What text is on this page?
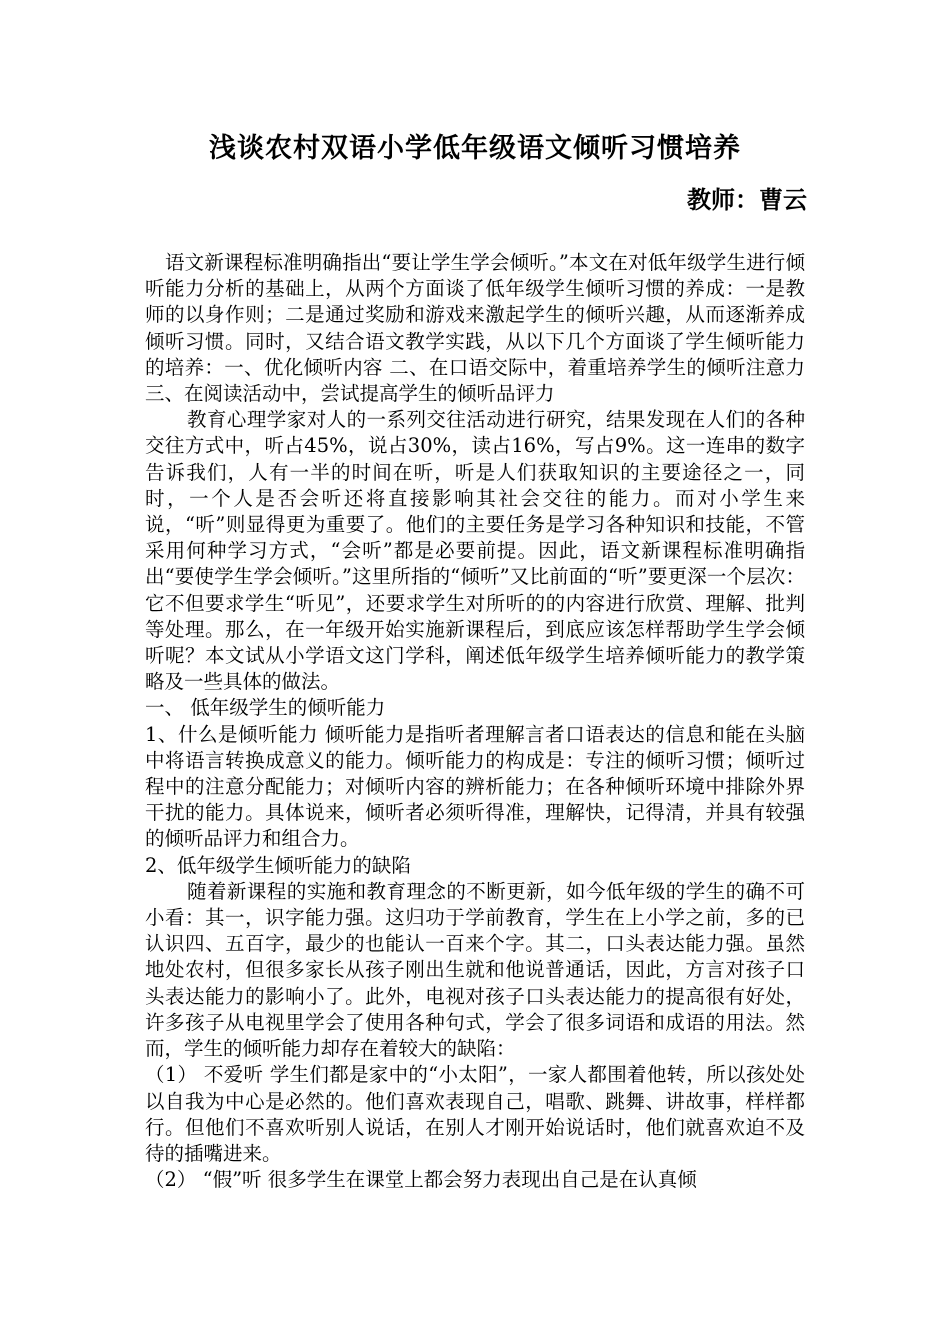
浅谈农村双语小学低年级语文倾听习惯培养

教师：曹云

语文新课程标准明确指出“要让学生学会倾听。”本文在对低年级学生进行倾听能力分析的基础上，从两个方面谈了低年级学生倾听习惯的养成：一是教师的以身作则；二是通过奖励和游戏来激起学生的倾听兴趣，从而逐渐养成倾听习惯。同时，又结合语文教学实践，从以下几个方面谈了学生倾听能力的培养：一、优化倾听内容 二、在口语交际中，着重培养学生的倾听注意力三、在阅读活动中，尝试提高学生的倾听品评力

教育心理学家对人的一系列交往活动进行研究，结果发现在人们的各种交往方式中，听占45%，说占30%，读占16%，写占9%。这一连串的数字告诉我们，人有一半的时间在听，听是人们获取知识的主要途径之一，同时，一个人是否会听还将直接影响其社会交往的能力。而对小学生来说，“听”则显得更为重要了。他们的主要任务是学习各种知识和技能，不管采用何种学习方式，“会听”都是必要前提。因此，语文新课程标准明确指出“要使学生学会倾听。”这里所指的“倾听”又比前面的“听”要更深一个层次：它不但要求学生“听见”，还要求学生对所听的的内容进行欣赏、理解、批判等处理。那么，在一年级开始实施新课程后，到底应该怎样帮助学生学会倾听呢？本文试从小学语文这门学科，阐述低年级学生培养倾听能力的教学策略及一些具体的做法。

一、 低年级学生的倾听能力

1、什么是倾听能力 倾听能力是指听者理解言者口语表达的信息和能在头脑中将语言转换成意义的能力。倾听能力的构成是：专注的倾听习惯；倾听过程中的注意分配能力；对倾听内容的辨析能力；在各种倾听环境中排除外界干扰的能力。具体说来，倾听者必须听得准，理解快，记得清，并具有较强的倾听品评力和组合力。

2、低年级学生倾听能力的缺陷

随着新课程的实施和教育理念的不断更新，如今低年级的学生的确不可小看：其一，识字能力强。这归功于学前教育，学生在上小学之前，多的已认识四、五百字，最少的也能认一百来个字。其二，口头表达能力强。虽然地处农村，但很多家长从孩子刚出生就和他说普通话，因此，方言对孩子口头表达能力的影响小了。此外，电视对孩子口头表达能力的提高很有好处，许多孩子从电视里学会了使用各种句式，学会了很多词语和成语的用法。然而，学生的倾听能力却存在着较大的缺陷：

（1） 不爱听 学生们都是家中的“小太阳”，一家人都围着他转，所以孩处处以自我为中心是必然的。他们喜欢表现自己，唱歌、跳舞、讲故事，样样都行。但他们不喜欢听别人说话，在别人才刚开始说话时，他们就喜欢迫不及待的插嘴进来。

（2） “假”听 很多学生在课堂上都会努力表现出自己是在认真倾
